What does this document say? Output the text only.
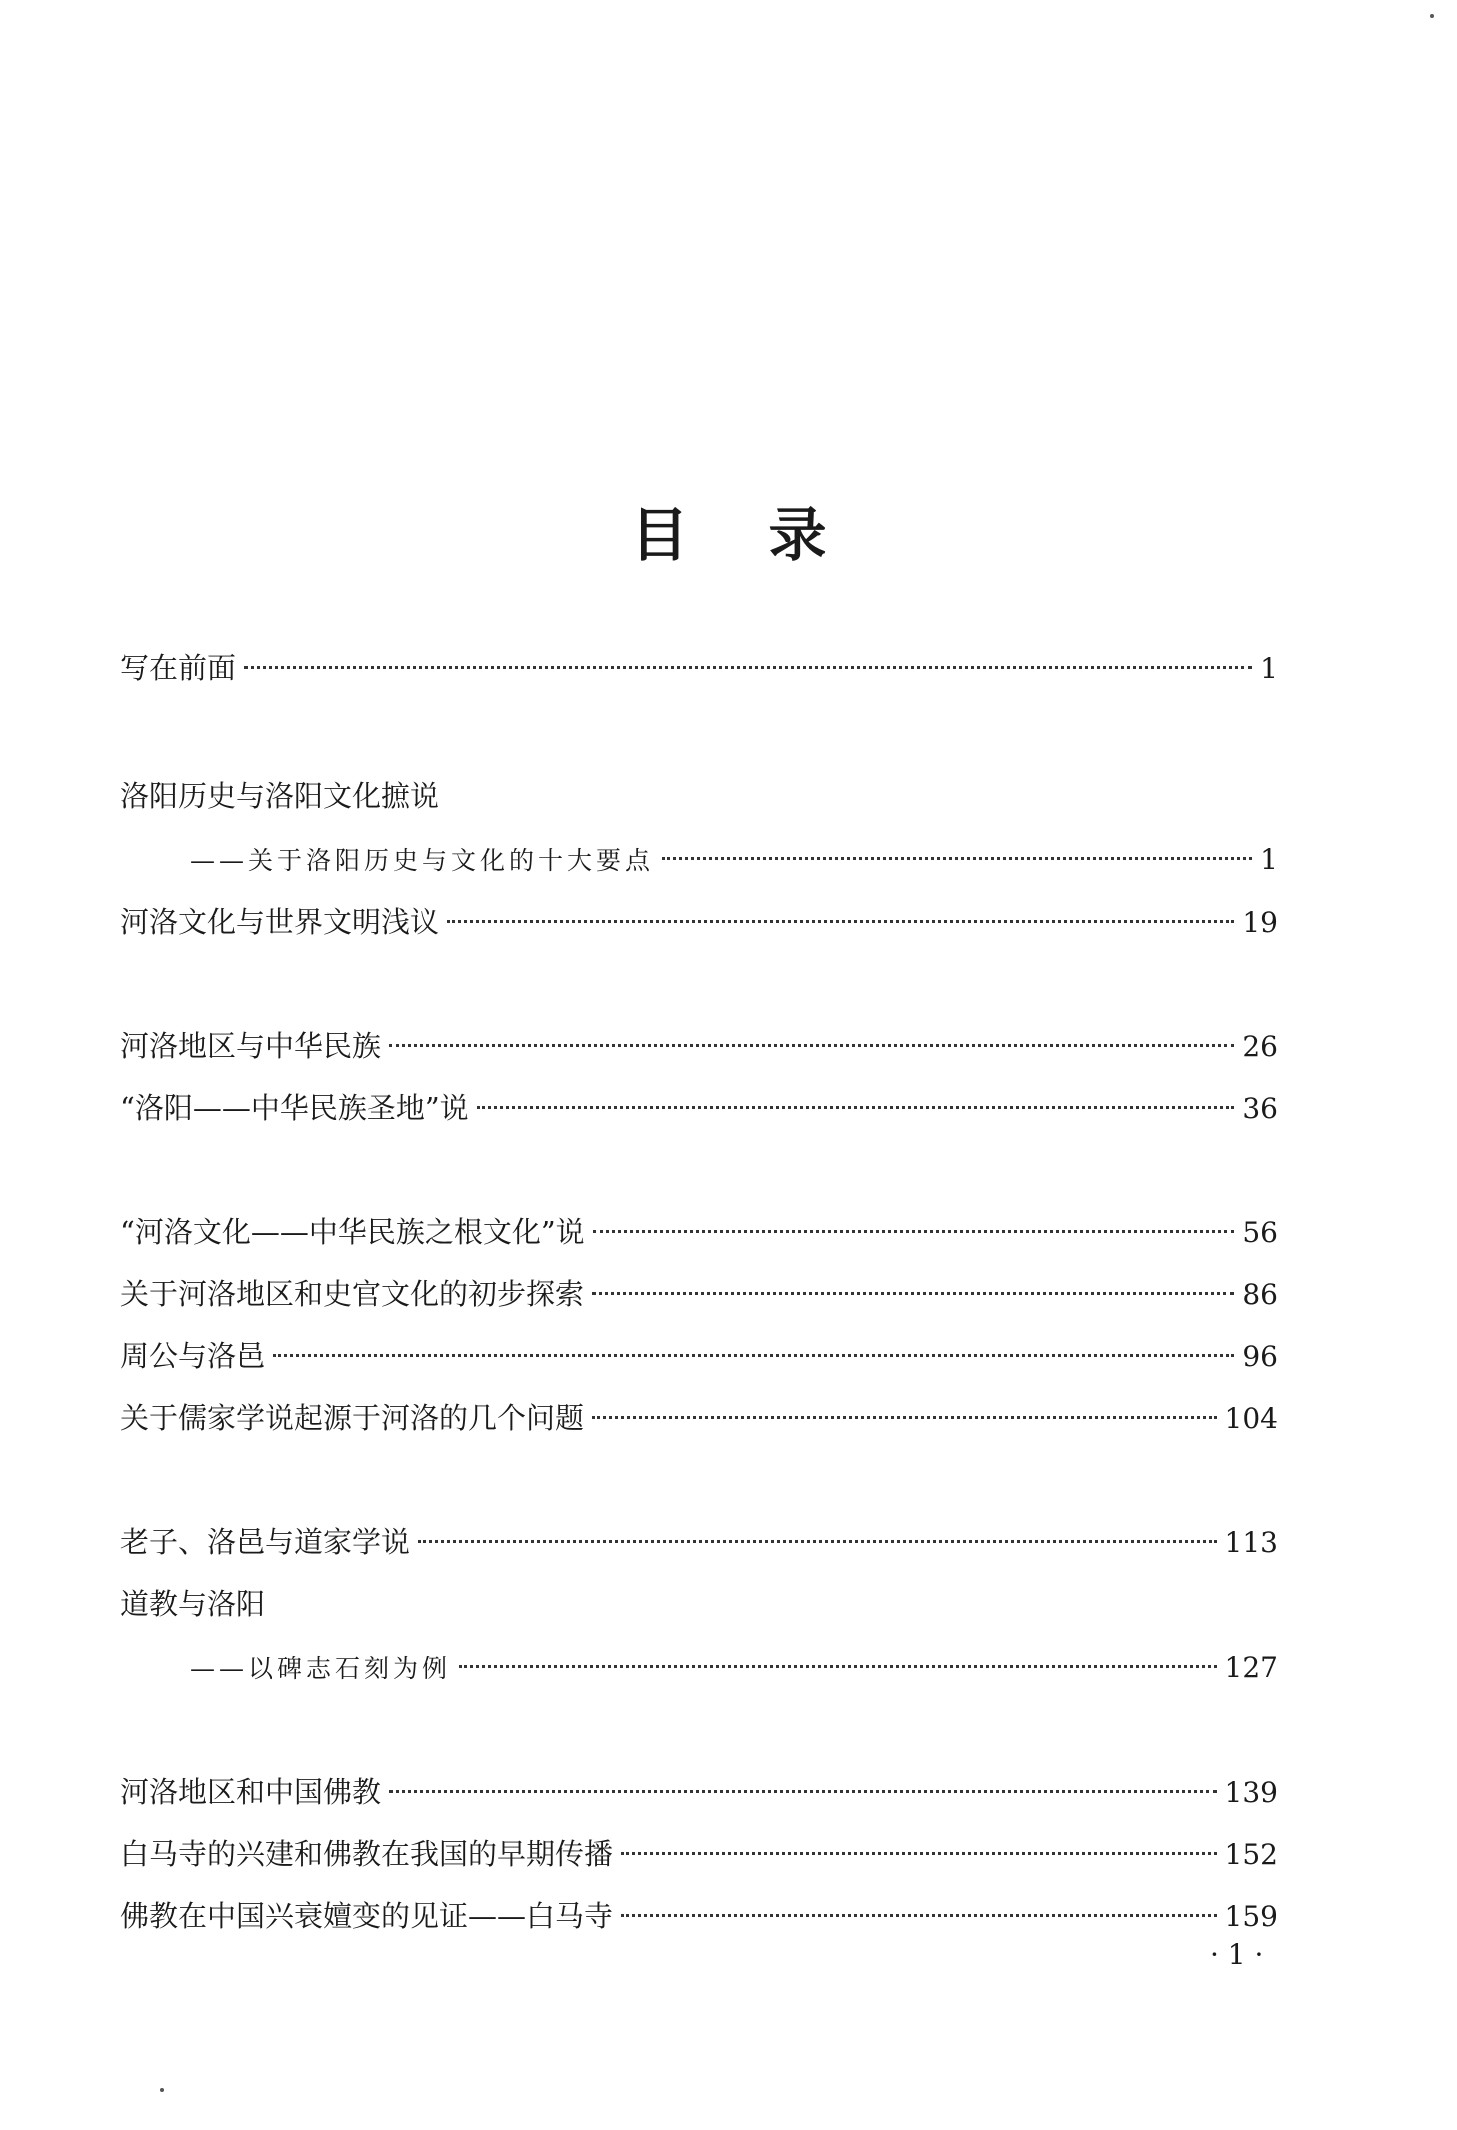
目录
写在前面	1
洛阳历史与洛阳文化摭说
——关于洛阳历史与文化的十大要点	1
河洛文化与世界文明浅议	19
河洛地区与中华民族	26
“洛阳——中华民族圣地”说	36
“河洛文化——中华民族之根文化”说	56
关于河洛地区和史官文化的初步探索	86
周公与洛邑	96
关于儒家学说起源于河洛的几个问题	104
老子、洛邑与道家学说	113
道教与洛阳
——以碑志石刻为例	127
河洛地区和中国佛教	139
白马寺的兴建和佛教在我国的早期传播	152
佛教在中国兴衰嬗变的见证——白马寺	159
· 1 ·
